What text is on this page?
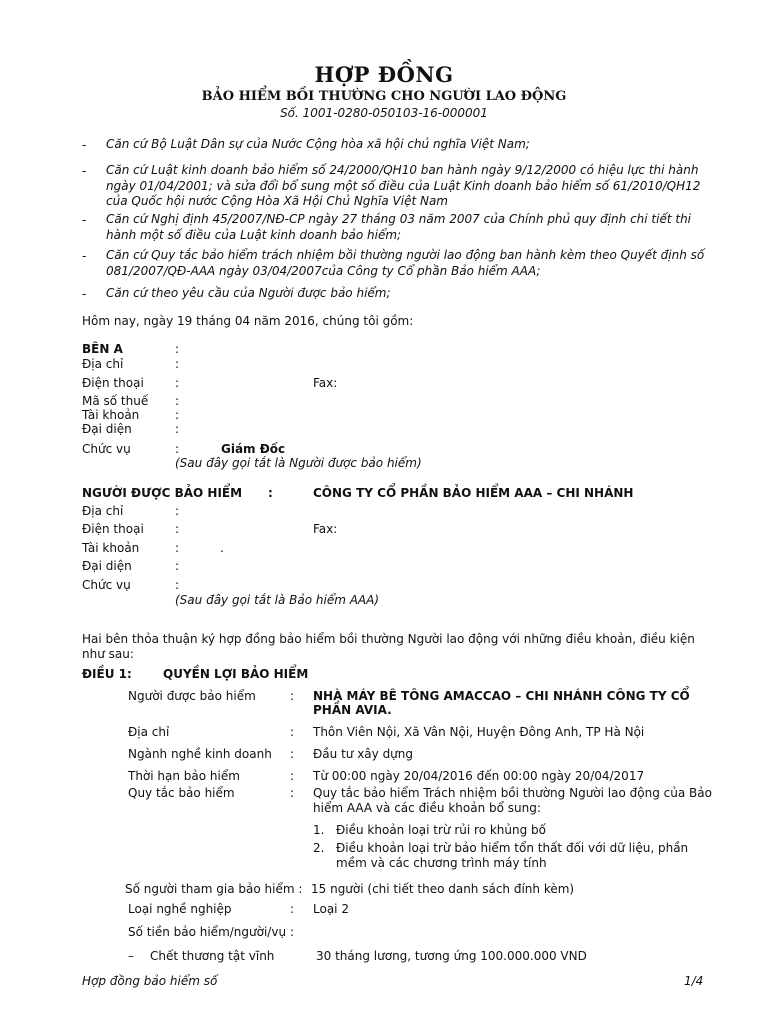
HỢP ĐỒNG
BẢO HIỂM BỒI THƯỜNG CHO NGƯỜI LAO ĐỘNG
Số. 1001-0280-050103-16-000001
-	Căn cứ Bộ Luật Dân sự của Nước Cộng hòa xã hội chủ nghĩa Việt Nam;
-	Căn cứ Luật kinh doanh bảo hiểm số 24/2000/QH10 ban hành ngày 9/12/2000 có hiệu lực thi hành ngày 01/04/2001; và sửa đổi bổ sung một số điều của Luật Kinh doanh bảo hiểm số 61/2010/QH12 của Quốc hội nước Cộng Hòa Xã Hội Chủ Nghĩa Việt Nam
-	Căn cứ Nghị định 45/2007/NĐ-CP ngày 27 tháng 03 năm 2007 của Chính phủ quy định chi tiết thi hành một số điều của Luật kinh doanh bảo hiểm;
-	Căn cứ Quy tắc bảo hiểm trách nhiệm bồi thường người lao động ban hành kèm theo Quyết định số 081/2007/QĐ-AAA ngày 03/04/2007của Công ty Cổ phần Bảo hiểm AAA;
-	Căn cứ theo yêu cầu của Người được bảo hiểm;
Hôm nay, ngày 19 tháng 04 năm 2016, chúng tôi gồm:
BÊN A	:
Địa chỉ	:
Điện thoại	:	Fax:
Mã số thuế :
Tài khoản	:
Đại diện	:
Chức vụ	:	Giám Đốc
(Sau đây gọi tắt là Người được bảo hiểm)
NGƯỜI ĐƯỢC BẢO HIỂM :	CÔNG TY CỔ PHẦN BẢO HIỂM AAA – CHI NHÁNH
Địa chỉ	:
Điện thoại	:	Fax:
Tài khoản	:	.
Đại diện	:
Chức vụ	:
(Sau đây gọi tắt là Bảo hiểm AAA)
Hai bên thỏa thuận ký hợp đồng bảo hiểm bồi thường Người lao động với những điều khoản, điều kiện như sau:
ĐIỀU 1:	QUYỀN LỢI BẢO HIỂM
Người được bảo hiểm	: NHÀ MÁY BÊ TÔNG AMACCAO – CHI NHÁNH CÔNG TY CỔ PHẦN AVIA.
Địa chỉ	: Thôn Viên Nội, Xã Vân Nội, Huyện Đông Anh, TP Hà Nội
Ngành nghề kinh doanh : Đầu tư xây dựng
Thời hạn bảo hiểm	: Từ 00:00 ngày 20/04/2016 đến 00:00 ngày 20/04/2017
Quy tắc bảo hiểm	: Quy tắc bảo hiểm Trách nhiệm bồi thường Người lao động của Bảo hiểm AAA và các điều khoản bổ sung:
1. Điều khoản loại trừ rủi ro khủng bố
2. Điều khoản loại trừ bảo hiểm tổn thất đối với dữ liệu, phần mềm và các chương trình máy tính
Số người tham gia bảo hiểm : 15 người (chi tiết theo danh sách đính kèm)
Loại nghề nghiệp	: Loại 2
Số tiền bảo hiểm/người/vụ :
– Chết thương tật vĩnh	30 tháng lương, tương ứng 100.000.000 VND
Hợp đồng bảo hiểm số	1/4
